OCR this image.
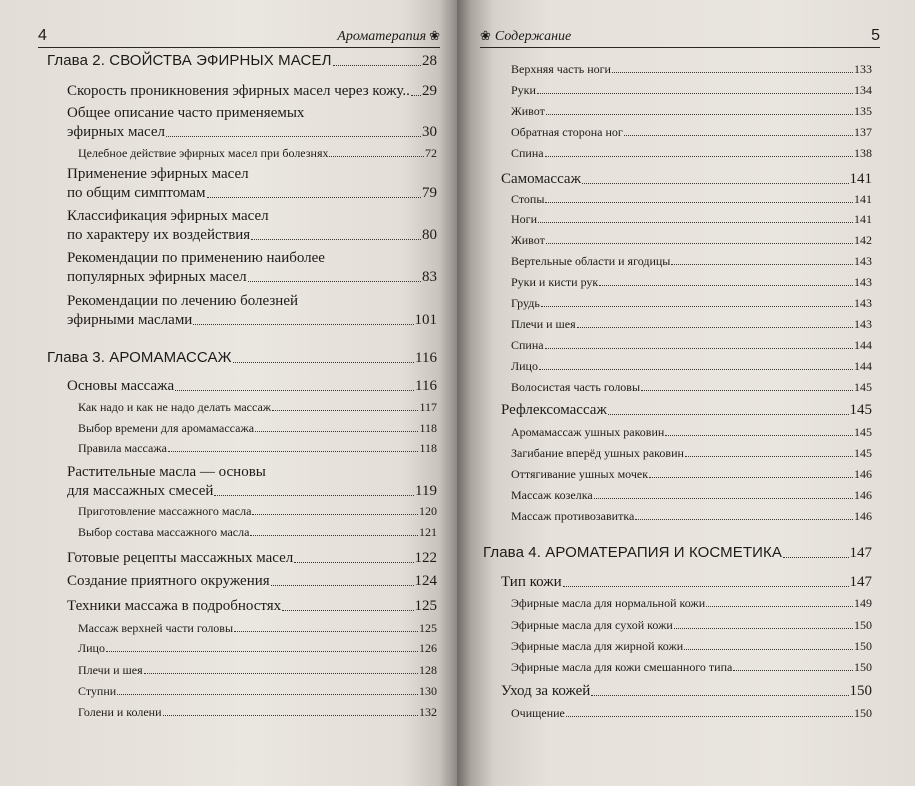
4	Ароматерапия ❀
Глава 2. СВОЙСТВА ЭФИРНЫХ МАСЕЛ	28
Скорость проникновения эфирных масел через кожу.. 29
Общее описание часто применяемых
эфирных масел	30
Целебное действие эфирных масел при болезнях	72
Применение эфирных масел
по общим симптомам	79
Классификация эфирных масел
по характеру их воздействия	80
Рекомендации по применению наиболее
популярных эфирных масел	83
Рекомендации по лечению болезней
эфирными маслами	101
Глава 3. АРОМАМАССАЖ	116
Основы массажа	116
Как надо и как не надо делать массаж	117
Выбор времени для аромамассажа	118
Правила массажа	118
Растительные масла — основы
для массажных смесей	119
Приготовление массажного масла	120
Выбор состава массажного масла	121
Готовые рецепты массажных масел	122
Создание приятного окружения	124
Техники массажа в подробностях	125
Массаж верхней части головы	125
Лицо	126
Плечи и шея	128
Ступни	130
Голени и колени	132
❀ Содержание	5
Верхняя часть ноги	133
Руки	134
Живот	135
Обратная сторона ног	137
Спина	138
Самомассаж	141
Стопы	141
Ноги	141
Живот	142
Вертельные области и ягодицы	143
Руки и кисти рук	143
Грудь	143
Плечи и шея	143
Спина	144
Лицо	144
Волосистая часть головы	145
Рефлексомассаж	145
Аромамассаж ушных раковин	145
Загибание вперёд ушных раковин	145
Оттягивание ушных мочек	146
Массаж козелка	146
Массаж противозавитка	146
Глава 4. АРОМАТЕРАПИЯ И КОСМЕТИКА	147
Тип кожи	147
Эфирные масла для нормальной кожи	149
Эфирные масла для сухой кожи	150
Эфирные масла для жирной кожи	150
Эфирные масла для кожи смешанного типа	150
Уход за кожей	150
Очищение	150
